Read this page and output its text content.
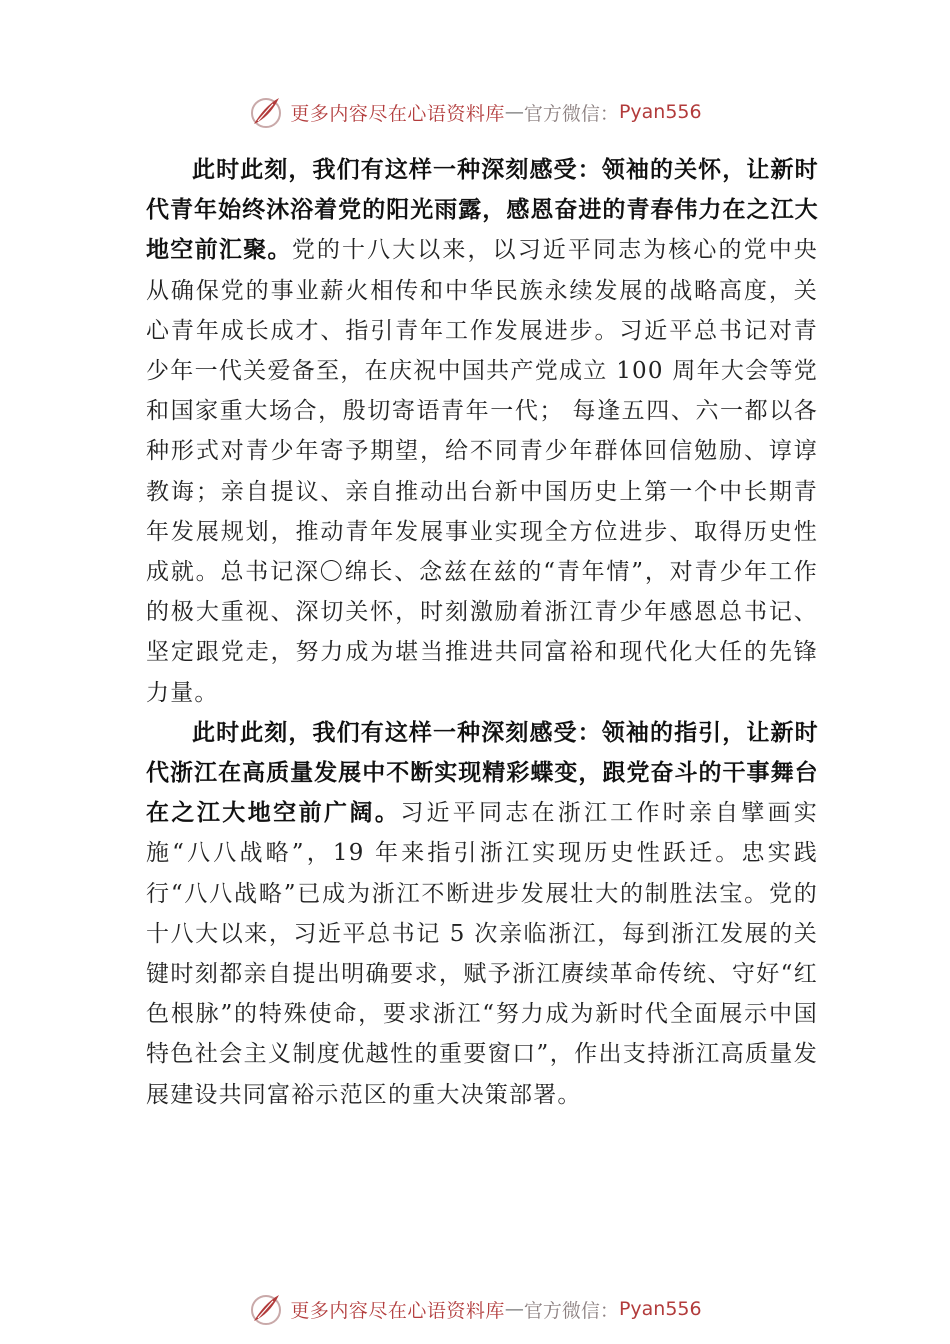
更多内容尽在心语资料库 — 官方微信： Pyan556

此时此刻，我们有这样一种深刻感受：领袖的关怀，让新时代青年始终沐浴着党的阳光雨露，感恩奋进的青春伟力在之江大地空前汇聚。党的十八大以来，以习近平同志为核心的党中央从确保党的事业薪火相传和中华民族永续发展的战略高度，关心青年成长成才、指引青年工作发展进步。习近平总书记对青少年一代关爱备至，在庆祝中国共产党成立 100 周年大会等党和国家重大场合，殷切寄语青年一代； 每逢五四、六一都以各种形式对青少年寄予期望，给不同青少年群体回信勉励、谆谆教诲；亲自提议、亲自推动出台新中国历史上第一个中长期青年发展规划，推动青年发展事业实现全方位进步、取得历史性成就。总书记深〇绵长、念兹在兹的“青年情”，对青少年工作的极大重视、深切关怀，时刻激励着浙江青少年感恩总书记、坚定跟党走，努力成为堪当推进共同富裕和现代化大任的先锋力量。

此时此刻，我们有这样一种深刻感受：领袖的指引，让新时代浙江在高质量发展中不断实现精彩蝶变，跟党奋斗的干事舞台在之江大地空前广阔。习近平同志在浙江工作时亲自擘画实施“八八战略”，19 年来指引浙江实现历史性跃迁。忠实践行“八八战略”已成为浙江不断进步发展壮大的制胜法宝。党的十八大以来，习近平总书记 5 次亲临浙江，每到浙江发展的关键时刻都亲自提出明确要求，赋予浙江赓续革命传统、守好“红色根脉”的特殊使命，要求浙江“努力成为新时代全面展示中国特色社会主义制度优越性的重要窗口”，作出支持浙江高质量发展建设共同富裕示范区的重大决策部署。

更多内容尽在心语资料库 — 官方微信： Pyan556
